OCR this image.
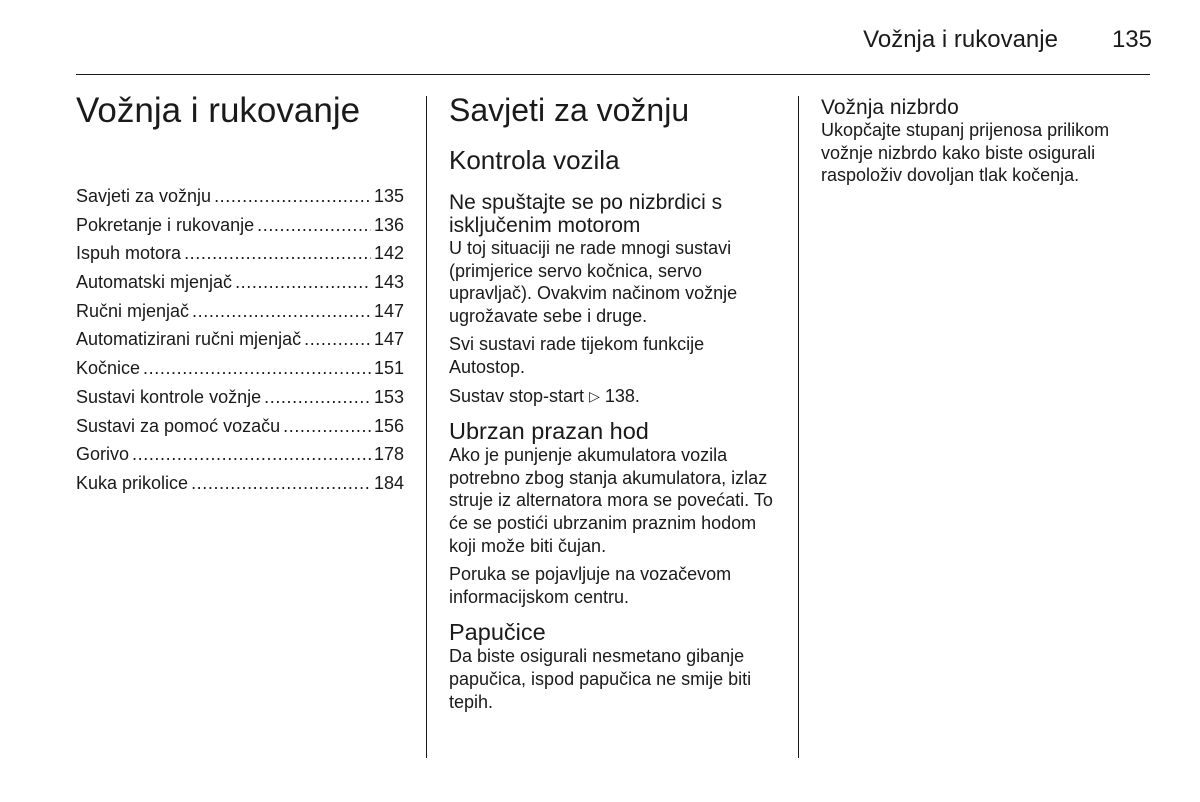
Vožnja i rukovanje 135
Vožnja i rukovanje
Savjeti za vožnju . . .	135
Pokretanje i rukovanje . . .	136
Ispuh motora . . .	142
Automatski mjenjač . . .	143
Ručni mjenjač . . .	147
Automatizirani ručni mjenjač . . .	147
Kočnice . . .	151
Sustavi kontrole vožnje . . .	153
Sustavi za pomoć vozaču . . .	156
Gorivo . . .	178
Kuka prikolice . . .	184
Savjeti za vožnju
Kontrola vozila
Ne spuštajte se po nizbrdici s isključenim motorom

U toj situaciji ne rade mnogi sustavi (primjerice servo kočnica, servo upravljač). Ovakvim načinom vožnje ugrožavate sebe i druge.

Svi sustavi rade tijekom funkcije Autostop.

Sustav stop-start ▷ 138.

Ubrzan prazan hod

Ako je punjenje akumulatora vozila potrebno zbog stanja akumulatora, izlaz struje iz alternatora mora se povećati. To će se postići ubrzanim praznim hodom koji može biti čujan.

Poruka se pojavljuje na vozačevom informacijskom centru.

Papučice

Da biste osigurali nesmetano gibanje papučica, ispod papučica ne smije biti tepih.

Vožnja nizbrdo

Ukopčajte stupanj prijenosa prilikom vožnje nizbrdo kako biste osigurali raspoloživ dovoljan tlak kočenja.
